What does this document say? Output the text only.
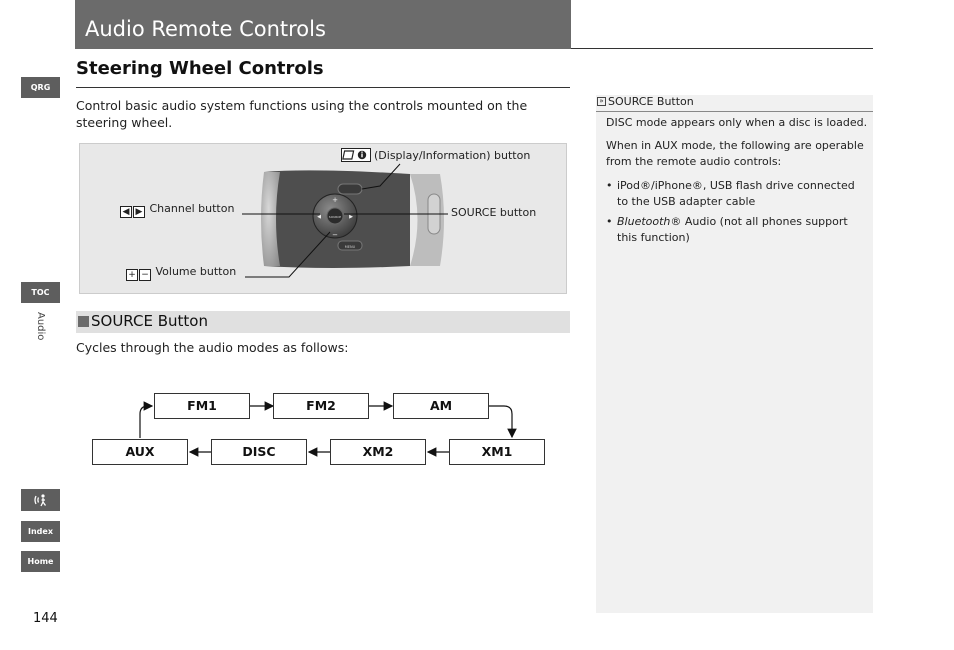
Audio Remote Controls
QRG
TOC
Audio
Index
Home
Steering Wheel Controls
Control basic audio system functions using the controls mounted on the steering wheel.
SOURCE
+
−
◀	▶
MENU
(Display/Information) button
◀ ▶ Channel button	SOURCE button
+ − Volume button
SOURCE Button
Cycles through the audio modes as follows:
FM1	FM2	AM
AUX	DISC	XM2	XM1
» SOURCE Button
DISC mode appears only when a disc is loaded.
When in AUX mode, the following are operable from the remote audio controls:
• iPod®/iPhone®, USB flash drive connected to the USB adapter cable
• Bluetooth® Audio (not all phones support this function)
144
